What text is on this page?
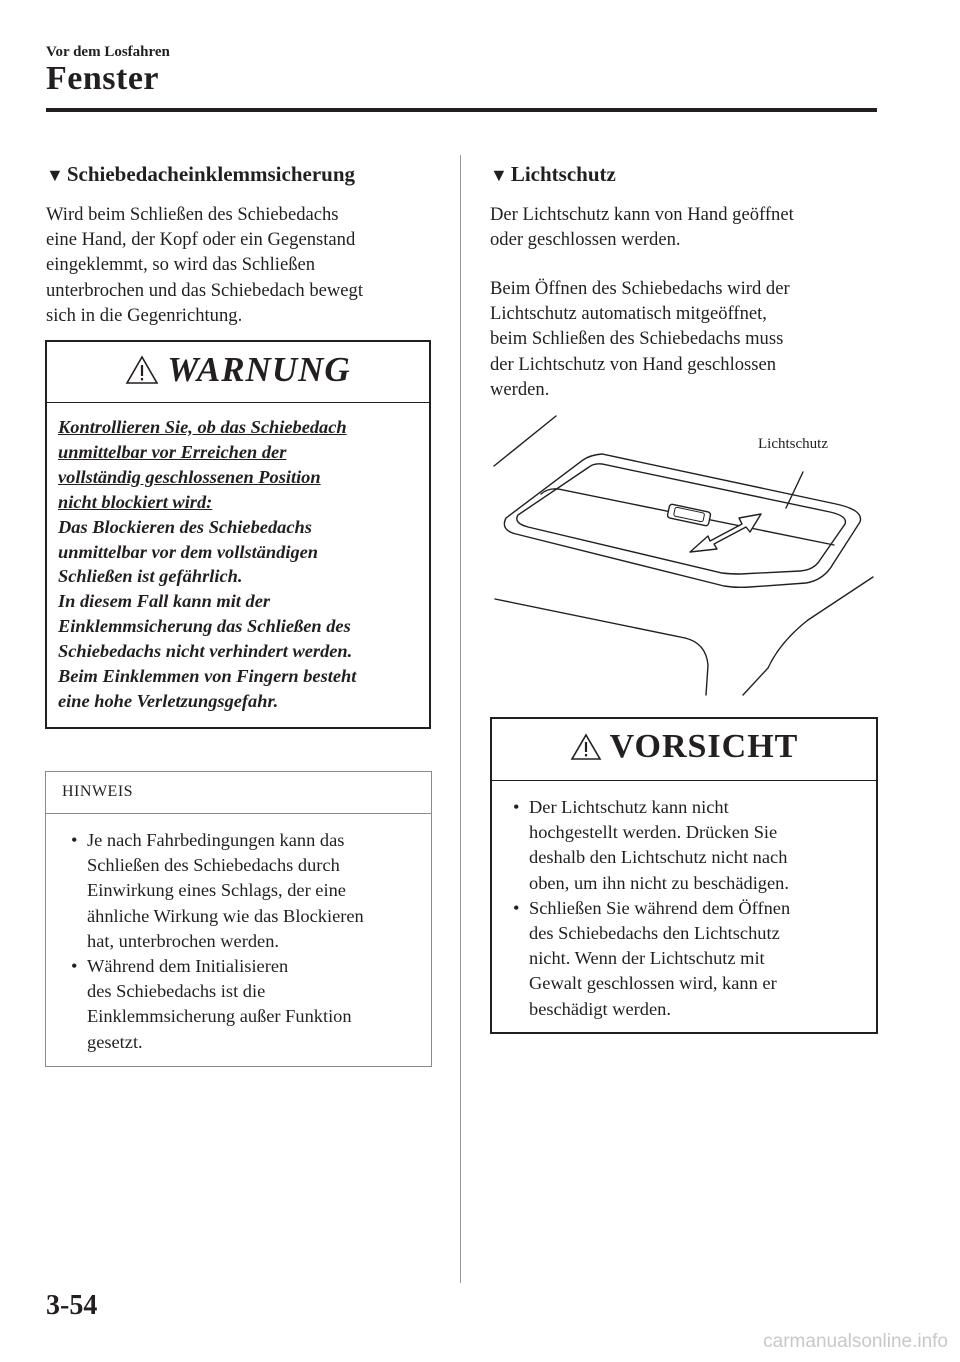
Vor dem Losfahren
Fenster
▼ Schiebedacheinklemmsicherung
Wird beim Schließen des Schiebedachs
eine Hand, der Kopf oder ein Gegenstand
eingeklemmt, so wird das Schließen
unterbrochen und das Schiebedach bewegt
sich in die Gegenrichtung.
WARNUNG
Kontrollieren Sie, ob das Schiebedach
unmittelbar vor Erreichen der
vollständig geschlossenen Position
nicht blockiert wird:
Das Blockieren des Schiebedachs
unmittelbar vor dem vollständigen
Schließen ist gefährlich.
In diesem Fall kann mit der
Einklemmsicherung das Schließen des
Schiebedachs nicht verhindert werden.
Beim Einklemmen von Fingern besteht
eine hohe Verletzungsgefahr.
HINWEIS
• Je nach Fahrbedingungen kann das
Schließen des Schiebedachs durch
Einwirkung eines Schlags, der eine
ähnliche Wirkung wie das Blockieren
hat, unterbrochen werden.
• Während dem Initialisieren
des Schiebedachs ist die
Einklemmsicherung außer Funktion
gesetzt.
▼ Lichtschutz
Der Lichtschutz kann von Hand geöffnet
oder geschlossen werden.
Beim Öffnen des Schiebedachs wird der
Lichtschutz automatisch mitgeöffnet,
beim Schließen des Schiebedachs muss
der Lichtschutz von Hand geschlossen
werden.
Lichtschutz
VORSICHT
• Der Lichtschutz kann nicht
hochgestellt werden. Drücken Sie
deshalb den Lichtschutz nicht nach
oben, um ihn nicht zu beschädigen.
• Schließen Sie während dem Öffnen
des Schiebedachs den Lichtschutz
nicht. Wenn der Lichtschutz mit
Gewalt geschlossen wird, kann er
beschädigt werden.
3-54
carmanualsonline.info
